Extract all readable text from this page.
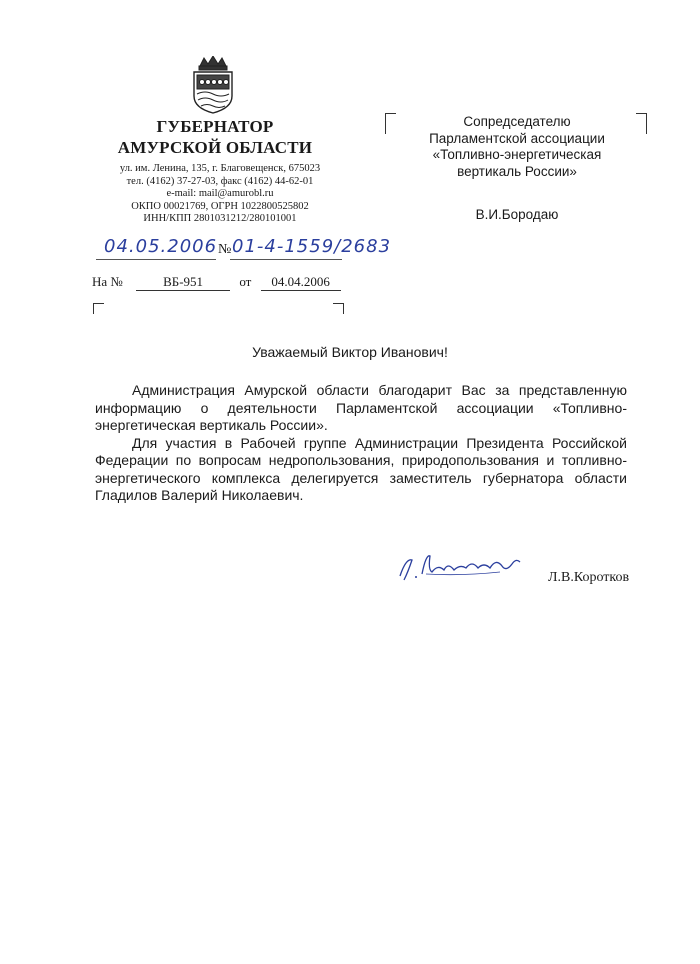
ГУБЕРНАТОР
АМУРСКОЙ ОБЛАСТИ
ул. им. Ленина, 135, г. Благовещенск, 675023
тел. (4162) 37-27-03, факс (4162) 44-62-01
e-mail: mail@amurobl.ru
ОКПО 00021769, ОГРН 1022800525802
ИНН/КПП 2801031212/280101001
04.05.2006 № 01-4-1559/2683
На №	ВБ-951	от 04.04.2006
Сопредседателю
Парламентской ассоциации
«Топливно-энергетическая
вертикаль России»
В.И.Бородаю
Уважаемый Виктор Иванович!

Администрация Амурской области благодарит Вас за представленную информацию о деятельности Парламентской ассоциации «Топливно-энергетическая вертикаль России».

Для участия в Рабочей группе Администрации Президента Российской Федерации по вопросам недропользования, природопользования и топливно-энергетического комплекса делегируется заместитель губернатора области Гладилов Валерий Николаевич.

Л.В.Коротков
